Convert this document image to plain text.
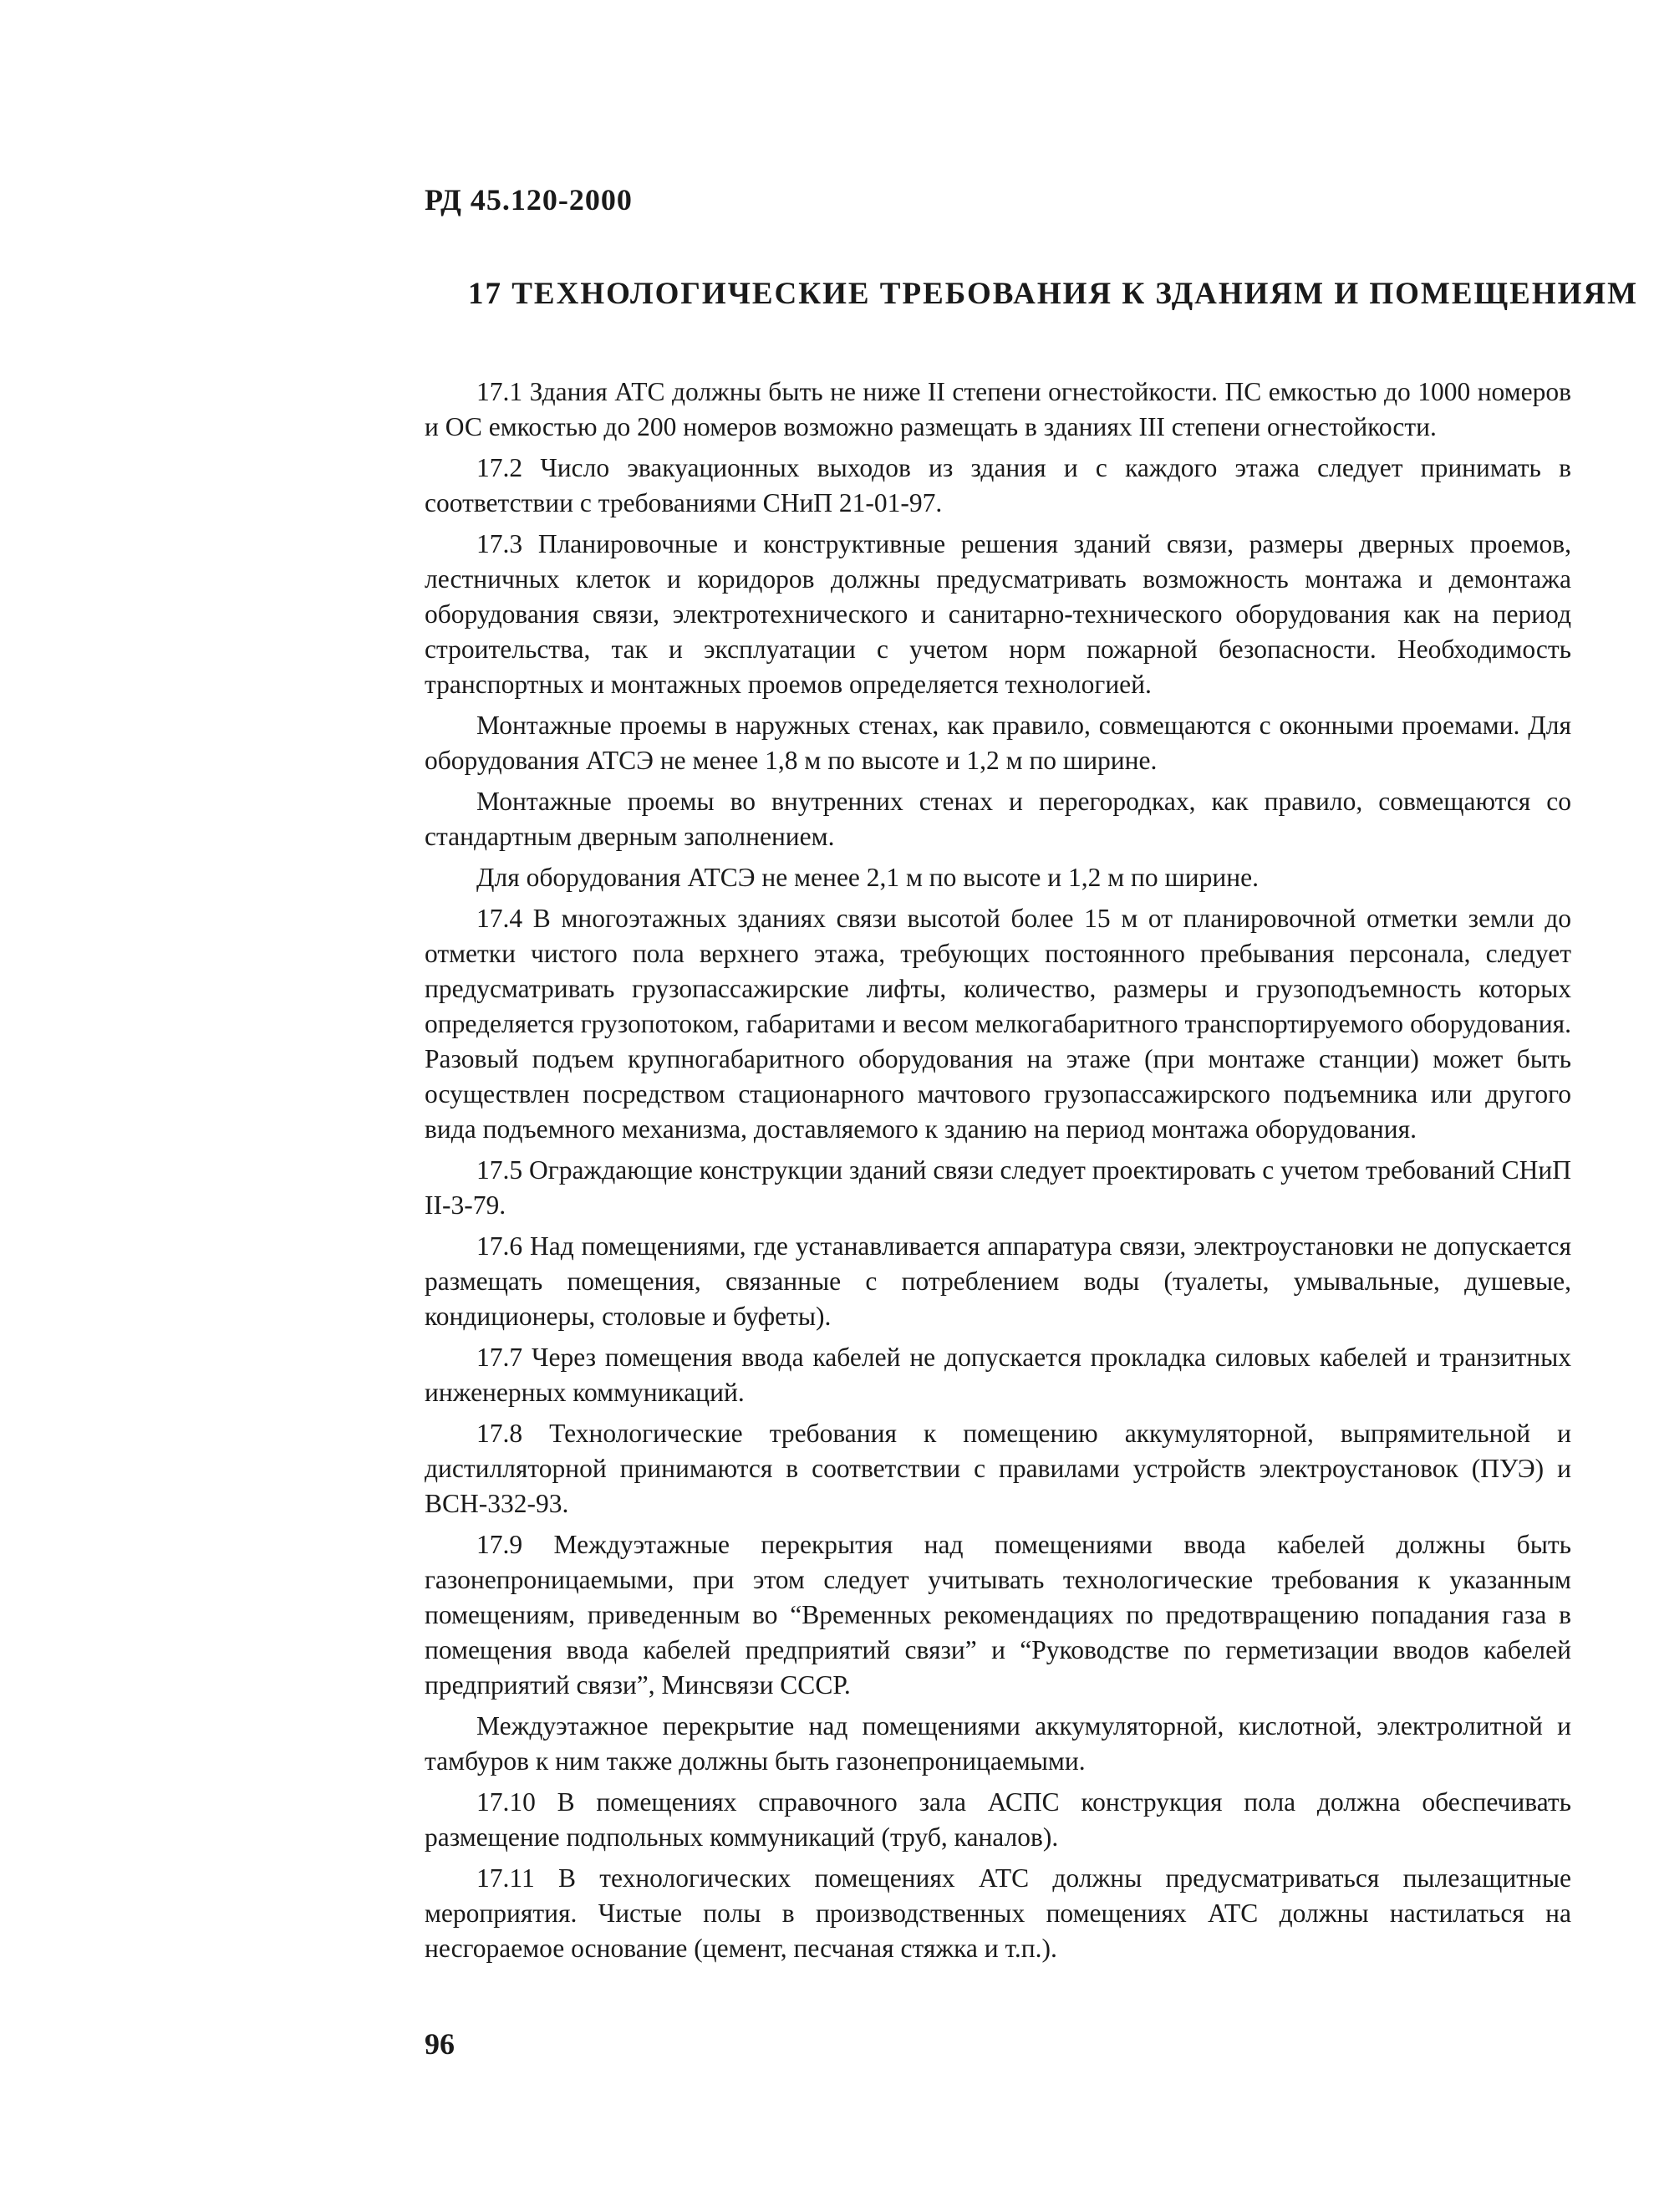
РД 45.120-2000
17 ТЕХНОЛОГИЧЕСКИЕ ТРЕБОВАНИЯ К ЗДАНИЯМ И ПОМЕЩЕНИЯМ

17.1 Здания АТС должны быть не ниже II степени огнестойкости. ПС емкостью до 1000 номеров и ОС емкостью до 200 номеров возможно размещать в зданиях III степени огнестойкости.

17.2 Число эвакуационных выходов из здания и с каждого этажа следует принимать в соответствии с требованиями СНиП 21-01-97.

17.3 Планировочные и конструктивные решения зданий связи, размеры дверных проемов, лестничных клеток и коридоров должны предусматривать возможность монтажа и демонтажа оборудования связи, электротехнического и санитарно-технического оборудования как на период строительства, так и эксплуатации с учетом норм пожарной безопасности. Необходимость транспортных и монтажных проемов определяется технологией.

Монтажные проемы в наружных стенах, как правило, совмещаются с оконными проемами. Для оборудования АТСЭ не менее 1,8 м по высоте и 1,2 м по ширине.

Монтажные проемы во внутренних стенах и перегородках, как правило, совмещаются со стандартным дверным заполнением.

Для оборудования АТСЭ не менее 2,1 м по высоте и 1,2 м по ширине.

17.4 В многоэтажных зданиях связи высотой более 15 м от планировочной отметки земли до отметки чистого пола верхнего этажа, требующих постоянного пребывания персонала, следует предусматривать грузопассажирские лифты, количество, размеры и грузоподъемность которых определяется грузопотоком, габаритами и весом мелкогабаритного транспортируемого оборудования. Разовый подъем крупногабаритного оборудования на этаже (при монтаже станции) может быть осуществлен посредством стационарного мачтового грузопассажирского подъемника или другого вида подъемного механизма, доставляемого к зданию на период монтажа оборудования.

17.5 Ограждающие конструкции зданий связи следует проектировать с учетом требований СНиП II-3-79.

17.6 Над помещениями, где устанавливается аппаратура связи, электроустановки не допускается размещать помещения, связанные с потреблением воды (туалеты, умывальные, душевые, кондиционеры, столовые и буфеты).

17.7 Через помещения ввода кабелей не допускается прокладка силовых кабелей и транзитных инженерных коммуникаций.

17.8 Технологические требования к помещению аккумуляторной, выпрямительной и дистилляторной принимаются в соответствии с правилами устройств электроустановок (ПУЭ) и ВСН-332-93.

17.9 Междуэтажные перекрытия над помещениями ввода кабелей должны быть газонепроницаемыми, при этом следует учитывать технологические требования к указанным помещениям, приведенным во “Временных рекомендациях по предотвращению попадания газа в помещения ввода кабелей предприятий связи” и “Руководстве по герметизации вводов кабелей предприятий связи”, Минсвязи СССР.

Междуэтажное перекрытие над помещениями аккумуляторной, кислотной, электролитной и тамбуров к ним также должны быть газонепроницаемыми.

17.10 В помещениях справочного зала АСПС конструкция пола должна обеспечивать размещение подпольных коммуникаций (труб, каналов).

17.11 В технологических помещениях АТС должны предусматриваться пылезащитные мероприятия. Чистые полы в производственных помещениях АТС должны настилаться на несгораемое основание (цемент, песчаная стяжка и т.п.).

96
